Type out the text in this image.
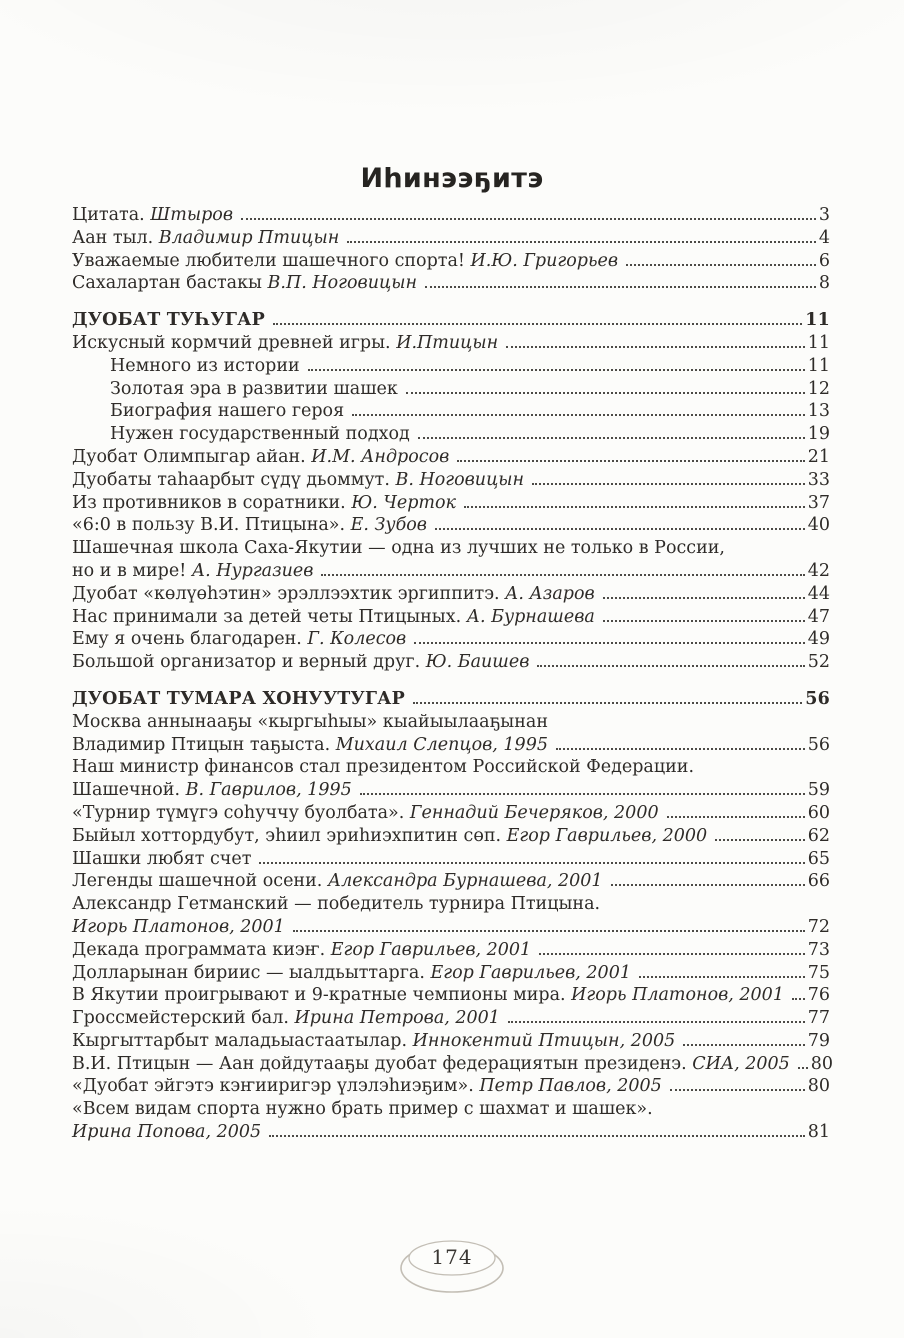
Иһинээҕитэ
Цитата. Штыров	3
Аан тыл. Владимир Птицын	4
Уважаемые любители шашечного спорта! И.Ю. Григорьев	6
Сахалартан бастакы В.П. Ноговицын	8
ДУОБАТ ТУҺУГАР	11
Искусный кормчий древней игры. И.Птицын	11
Немного из истории	11
Золотая эра в развитии шашек	12
Биография нашего героя	13
Нужен государственный подход	19
Дуобат Олимпыгар айан. И.М. Андросов	21
Дуобаты таһаарбыт сүдү дьоммут. В. Ноговицын	33
Из противников в соратники. Ю. Черток	37
«6:0 в пользу В.И. Птицына». Е. Зубов	40
Шашечная школа Саха-Якутии — одна из лучших не только в России,
но и в мире! А. Нургазиев	42
Дуобат «көлүөһэтин» эрэллээхтик эргиппитэ. А. Азаров	44
Нас принимали за детей четы Птицыных. А. Бурнашева	47
Ему я очень благодарен. Г. Колесов	49
Большой организатор и верный друг. Ю. Баишев	52
ДУОБАТ ТУМАРА ХОНУУТУГАР	56
Москва аннынааҕы «кыргыһыы» кыайыылааҕынан
Владимир Птицын таҕыста. Михаил Слепцов, 1995	56
Наш министр финансов стал президентом Российской Федерации.
Шашечной. В. Гаврилов, 1995	59
«Турнир түмүгэ соһуччу буолбата». Геннадий Бечеряков, 2000	60
Быйыл хоттордубут, эһиил эриһиэхпитин сөп. Егор Гаврильев, 2000	62
Шашки любят счет	65
Легенды шашечной осени. Александра Бурнашева, 2001	66
Александр Гетманский — победитель турнира Птицына.
Игорь Платонов, 2001	72
Декада программата киэҥ. Егор Гаврильев, 2001	73
Долларынан бириис — ыалдьыттарга. Егор Гаврильев, 2001	75
В Якутии проигрывают и 9-кратные чемпионы мира. Игорь Платонов, 2001 76
Гроссмейстерский бал. Ирина Петрова, 2001	77
Кыргыттарбыт маладьыастаатылар. Иннокентий Птицын, 2005	79
В.И. Птицын — Аан дойдутааҕы дуобат федерациятын президенэ. СИА, 2005 80
«Дуобат эйгэтэ кэҥииригэр үлэлэһиэҕим». Петр Павлов, 2005	80
«Всем видам спорта нужно брать пример с шахмат и шашек».
Ирина Попова, 2005	81
174
